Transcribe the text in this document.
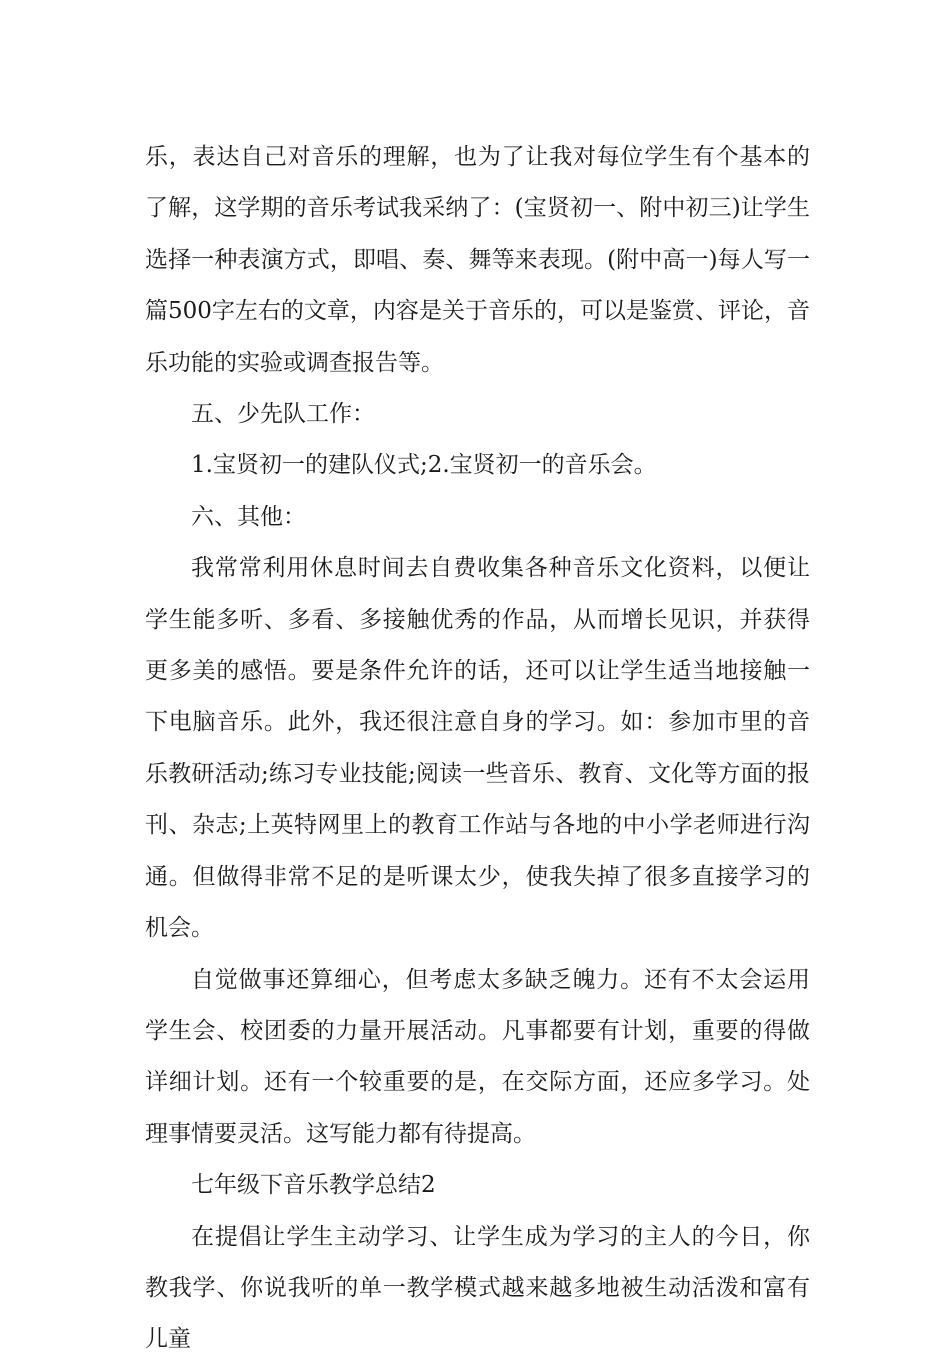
乐，表达自己对音乐的理解，也为了让我对每位学生有个基本的了解，这学期的音乐考试我采纳了：(宝贤初一、附中初三)让学生选择一种表演方式，即唱、奏、舞等来表现。(附中高一)每人写一篇500字左右的文章，内容是关于音乐的，可以是鉴赏、评论，音乐功能的实验或调查报告等。

五、少先队工作：

1.宝贤初一的建队仪式;2.宝贤初一的音乐会。

六、其他：

我常常利用休息时间去自费收集各种音乐文化资料，以便让学生能多听、多看、多接触优秀的作品，从而增长见识，并获得更多美的感悟。要是条件允许的话，还可以让学生适当地接触一下电脑音乐。此外，我还很注意自身的学习。如：参加市里的音乐教研活动;练习专业技能;阅读一些音乐、教育、文化等方面的报刊、杂志;上英特网里上的教育工作站与各地的中小学老师进行沟通。但做得非常不足的是听课太少，使我失掉了很多直接学习的机会。

自觉做事还算细心，但考虑太多缺乏魄力。还有不太会运用学生会、校团委的力量开展活动。凡事都要有计划，重要的得做详细计划。还有一个较重要的是，在交际方面，还应多学习。处理事情要灵活。这写能力都有待提高。

七年级下音乐教学总结2

在提倡让学生主动学习、让学生成为学习的主人的今日，你教我学、你说我听的单一教学模式越来越多地被生动活泼和富有儿童
